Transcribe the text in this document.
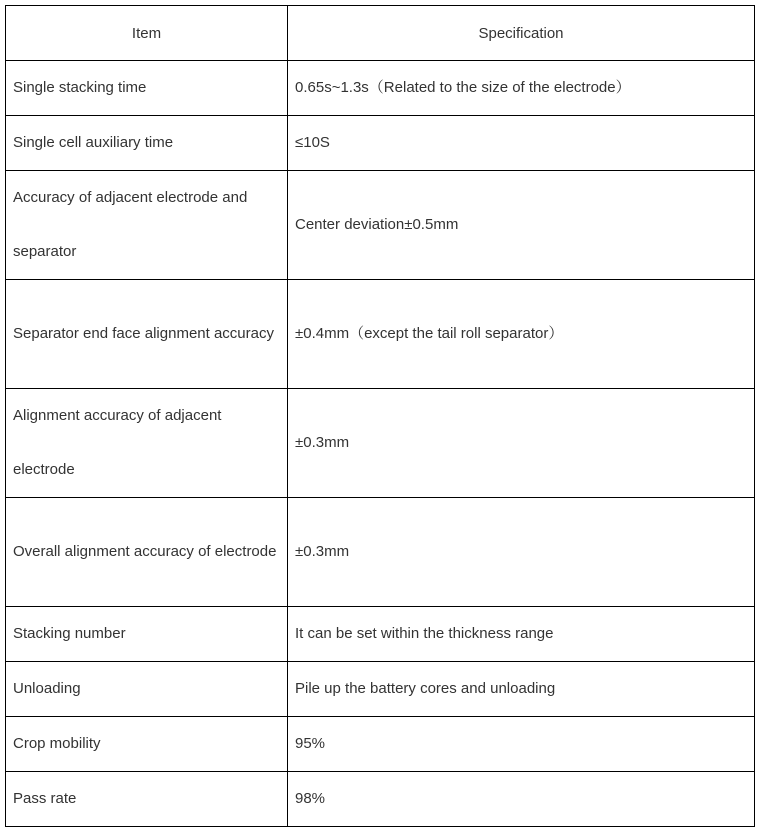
Item	Specification
Single stacking time	0.65s~1.3s（Related to the size of the electrode）
Single cell auxiliary time	≤10S
Accuracy of adjacent electrode and separator	Center deviation±0.5mm
Separator end face alignment accuracy	±0.4mm（except the tail roll separator）
Alignment accuracy of adjacent electrode	±0.3mm
Overall alignment accuracy of electrode	±0.3mm
Stacking number	It can be set within the thickness range
Unloading	Pile up the battery cores and unloading
Crop mobility	95%
Pass rate	98%
